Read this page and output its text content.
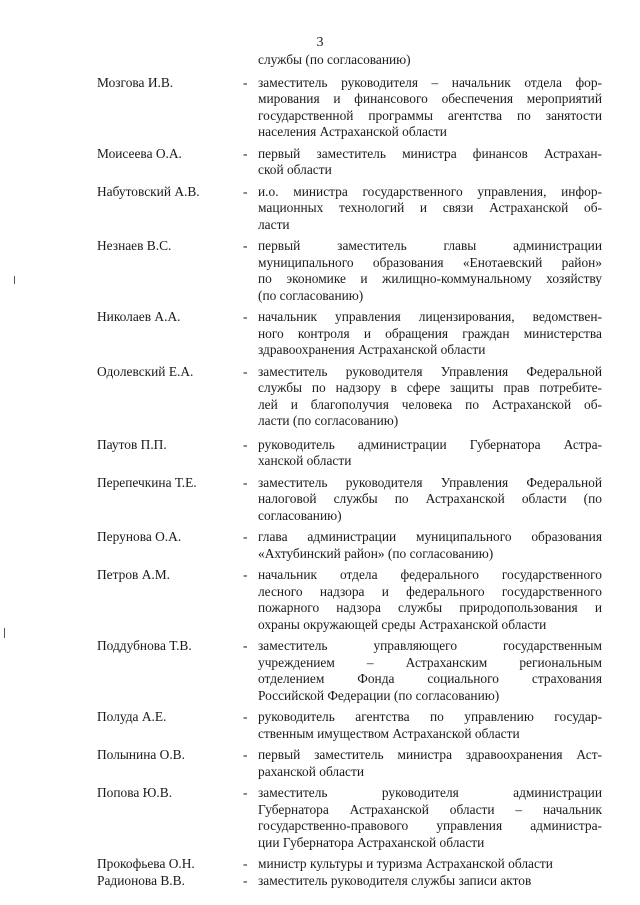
3
службы (по согласованию)
Мозгова И.В.	- заместитель руководителя – начальник отдела фор-
мирования и финансового обеспечения мероприятий
государственной программы агентства по занятости
населения Астраханской области
Моисеева О.А.	- первый заместитель министра финансов Астрахан-
ской области
Набутовский А.В.	- и.о. министра государственного управления, инфор-
мационных технологий и связи Астраханской об-
ласти
Незнаев В.С.	- первый заместитель главы администрации
муниципального образования «Енотаевский район»
по экономике и жилищно-коммунальному хозяйству
(по согласованию)
Николаев А.А.	- начальник управления лицензирования, ведомствен-
ного контроля и обращения граждан министерства
здравоохранения Астраханской области
Одолевский Е.А.	- заместитель руководителя Управления Федеральной
службы по надзору в сфере защиты прав потребите-
лей и благополучия человека по Астраханской об-
ласти (по согласованию)
Паутов П.П.	- руководитель администрации Губернатора Астра-
ханской области
Перепечкина Т.Е.	- заместитель руководителя Управления Федеральной
налоговой службы по Астраханской области (по
согласованию)
Перунова О.А.	- глава администрации муниципального образования
«Ахтубинский район» (по согласованию)
Петров А.М.	- начальник отдела федерального государственного
лесного надзора и федерального государственного
пожарного надзора службы природопользования и
охраны окружающей среды Астраханской области
Поддубнова Т.В.	- заместитель управляющего государственным
учреждением – Астраханским региональным
отделением Фонда социального страхования
Российской Федерации (по согласованию)
Полуда А.Е.	- руководитель агентства по управлению государ-
ственным имуществом Астраханской области
Полынина О.В.	- первый заместитель министра здравоохранения Аст-
раханской области
Попова Ю.В.	- заместитель руководителя администрации
Губернатора Астраханской области – начальник
государственно-правового управления администра-
ции Губернатора Астраханской области
Прокофьева О.Н.	- министр культуры и туризма Астраханской области
Радионова В.В.	- заместитель руководителя службы записи актов
